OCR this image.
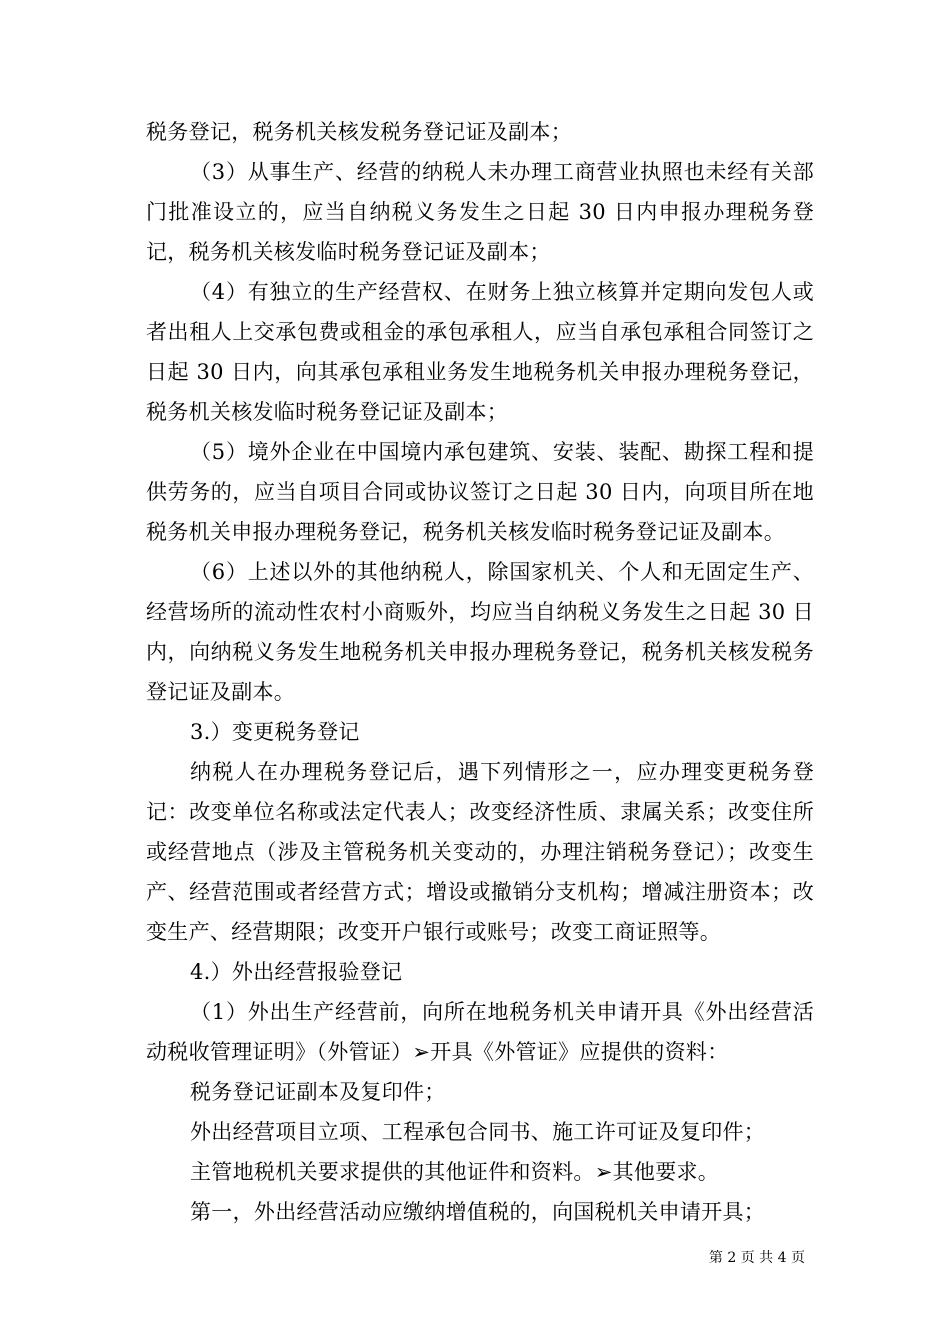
税务登记，税务机关核发税务登记证及副本；

（3）从事生产、经营的纳税人未办理工商营业执照也未经有关部门批准设立的，应当自纳税义务发生之日起 30 日内申报办理税务登记，税务机关核发临时税务登记证及副本；

（4）有独立的生产经营权、在财务上独立核算并定期向发包人或者出租人上交承包费或租金的承包承租人，应当自承包承租合同签订之日起 30 日内，向其承包承租业务发生地税务机关申报办理税务登记，税务机关核发临时税务登记证及副本；

（5）境外企业在中国境内承包建筑、安装、装配、勘探工程和提供劳务的，应当自项目合同或协议签订之日起 30 日内，向项目所在地税务机关申报办理税务登记，税务机关核发临时税务登记证及副本。

（6）上述以外的其他纳税人，除国家机关、个人和无固定生产、经营场所的流动性农村小商贩外，均应当自纳税义务发生之日起 30 日内，向纳税义务发生地税务机关申报办理税务登记，税务机关核发税务登记证及副本。

3.）变更税务登记

纳税人在办理税务登记后，遇下列情形之一，应办理变更税务登记：改变单位名称或法定代表人；改变经济性质、隶属关系；改变住所或经营地点（涉及主管税务机关变动的，办理注销税务登记）；改变生产、经营范围或者经营方式；增设或撤销分支机构；增减注册资本；改变生产、经营期限；改变开户银行或账号；改变工商证照等。

4.）外出经营报验登记

（1）外出生产经营前，向所在地税务机关申请开具《外出经营活动税收管理证明》（外管证）➢开具《外管证》应提供的资料：

税务登记证副本及复印件；

外出经营项目立项、工程承包合同书、施工许可证及复印件；

主管地税机关要求提供的其他证件和资料。➢其他要求。

第一，外出经营活动应缴纳增值税的，向国税机关申请开具；

第 2 页 共 4 页
